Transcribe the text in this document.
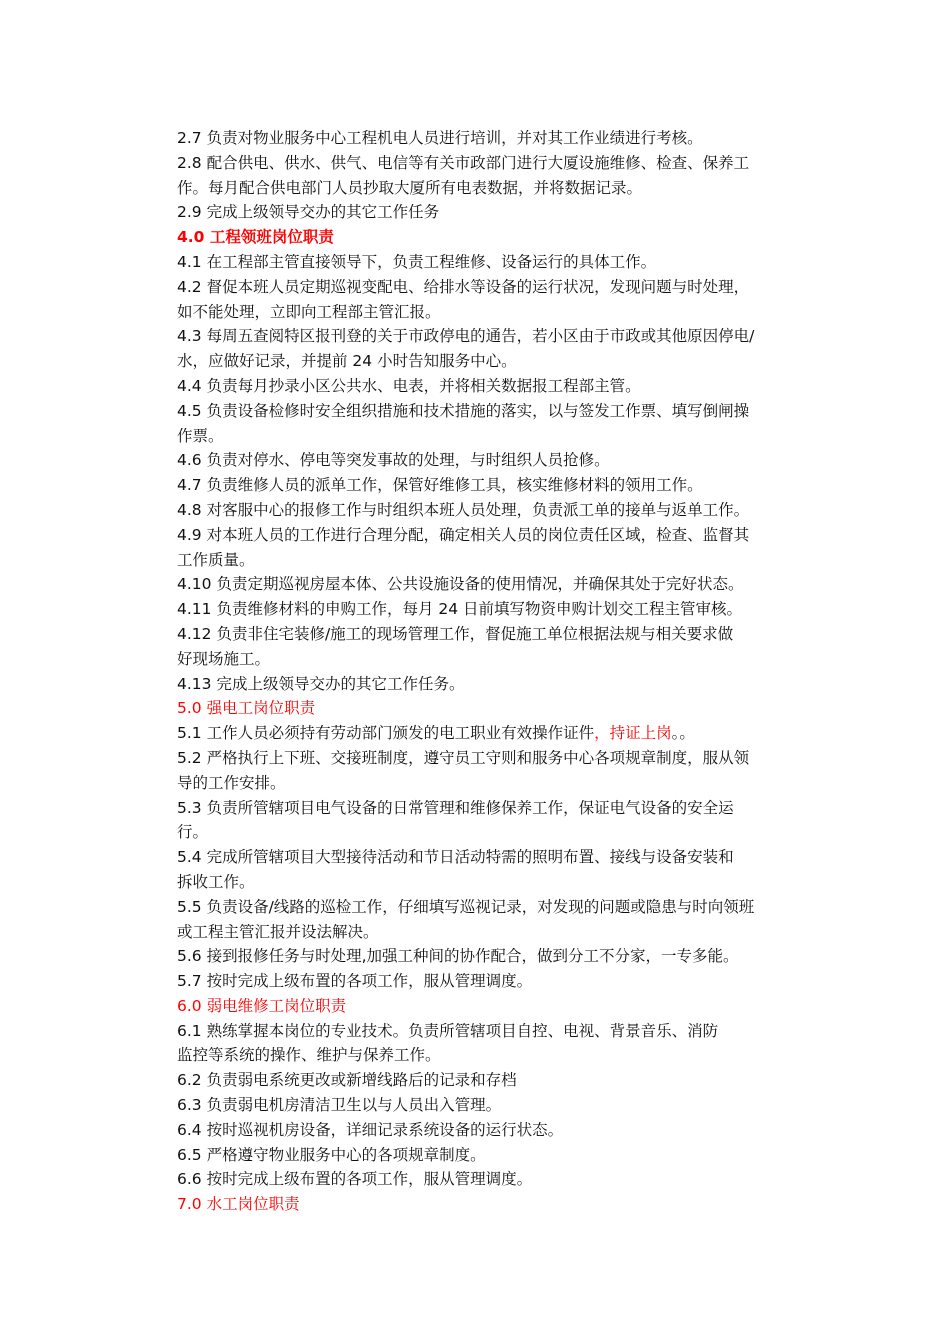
2.7 负责对物业服务中心工程机电人员进行培训，并对其工作业绩进行考核。
2.8 配合供电、供水、供气、电信等有关市政部门进行大厦设施维修、检查、保养工
作。每月配合供电部门人员抄取大厦所有电表数据，并将数据记录。
2.9 完成上级领导交办的其它工作任务
4.0 工程领班岗位职责
4.1 在工程部主管直接领导下，负责工程维修、设备运行的具体工作。
4.2 督促本班人员定期巡视变配电、给排水等设备的运行状况，发现问题与时处理，
如不能处理，立即向工程部主管汇报。
4.3 每周五查阅特区报刊登的关于市政停电的通告，若小区由于市政或其他原因停电/
水，应做好记录，并提前 24 小时告知服务中心。
4.4 负责每月抄录小区公共水、电表，并将相关数据报工程部主管。
4.5 负责设备检修时安全组织措施和技术措施的落实，以与签发工作票、填写倒闸操
作票。
4.6 负责对停水、停电等突发事故的处理，与时组织人员抢修。
4.7 负责维修人员的派单工作，保管好维修工具，核实维修材料的领用工作。
4.8 对客服中心的报修工作与时组织本班人员处理，负责派工单的接单与返单工作。
4.9 对本班人员的工作进行合理分配，确定相关人员的岗位责任区域，检查、监督其
工作质量。
4.10 负责定期巡视房屋本体、公共设施设备的使用情况，并确保其处于完好状态。
4.11 负责维修材料的申购工作，每月 24 日前填写物资申购计划交工程主管审核。
4.12 负责非住宅装修/施工的现场管理工作，督促施工单位根据法规与相关要求做
好现场施工。
4.13 完成上级领导交办的其它工作任务。
5.0 强电工岗位职责
5.1 工作人员必须持有劳动部门颁发的电工职业有效操作证件，持证上岗。。
5.2 严格执行上下班、交接班制度，遵守员工守则和服务中心各项规章制度，服从领
导的工作安排。
5.3 负责所管辖项目电气设备的日常管理和维修保养工作，保证电气设备的安全运
行。
5.4 完成所管辖项目大型接待活动和节日活动特需的照明布置、接线与设备安装和
拆收工作。
5.5 负责设备/线路的巡检工作，仔细填写巡视记录，对发现的问题或隐患与时向领班
或工程主管汇报并设法解决。
5.6 接到报修任务与时处理,加强工种间的协作配合，做到分工不分家，一专多能。
5.7 按时完成上级布置的各项工作，服从管理调度。
6.0 弱电维修工岗位职责
6.1 熟练掌握本岗位的专业技术。负责所管辖项目自控、电视、背景音乐、消防
监控等系统的操作、维护与保养工作。
6.2 负责弱电系统更改或新增线路后的记录和存档
6.3 负责弱电机房清洁卫生以与人员出入管理。
6.4 按时巡视机房设备，详细记录系统设备的运行状态。
6.5 严格遵守物业服务中心的各项规章制度。
6.6 按时完成上级布置的各项工作，服从管理调度。
7.0 水工岗位职责
